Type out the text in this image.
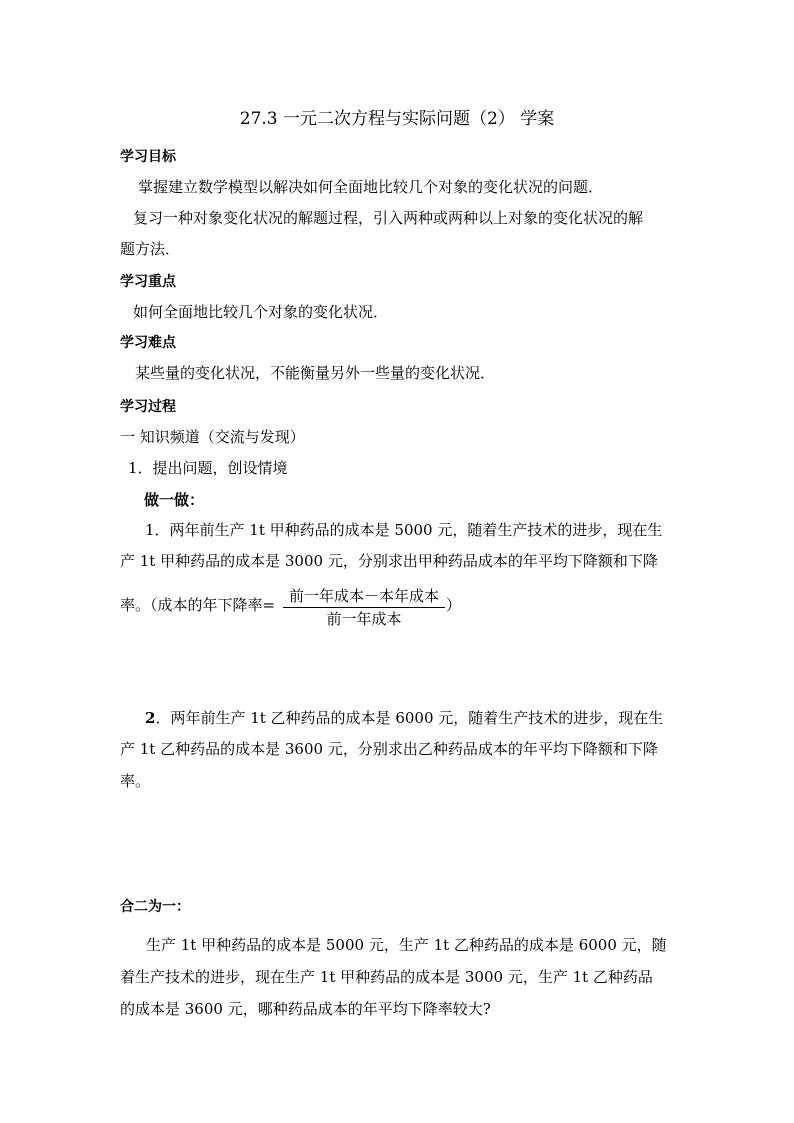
27.3 一元二次方程与实际问题（2） 学案
学习目标
掌握建立数学模型以解决如何全面地比较几个对象的变化状况的问题．
复习一种对象变化状况的解题过程，引入两种或两种以上对象的变化状况的解
题方法．
学习重点
如何全面地比较几个对象的变化状况．
学习难点
某些量的变化状况，不能衡量另外一些量的变化状况．
学习过程
一 知识频道（交流与发现）
1．提出问题，创设情境
做一做：
1．两年前生产 1t 甲种药品的成本是 5000 元，随着生产技术的进步，现在生
产 1t 甲种药品的成本是 3000 元，分别求出甲种药品成本的年平均下降额和下降
率。（成本的年下降率= 前一年成本－本年成本
前一年成本
）
2．两年前生产 1t 乙种药品的成本是 6000 元，随着生产技术的进步，现在生
产 1t 乙种药品的成本是 3600 元，分别求出乙种药品成本的年平均下降额和下降
率。
合二为一：
生产 1t 甲种药品的成本是 5000 元，生产 1t 乙种药品的成本是 6000 元，随
着生产技术的进步，现在生产 1t 甲种药品的成本是 3000 元，生产 1t 乙种药品
的成本是 3600 元，哪种药品成本的年平均下降率较大?
